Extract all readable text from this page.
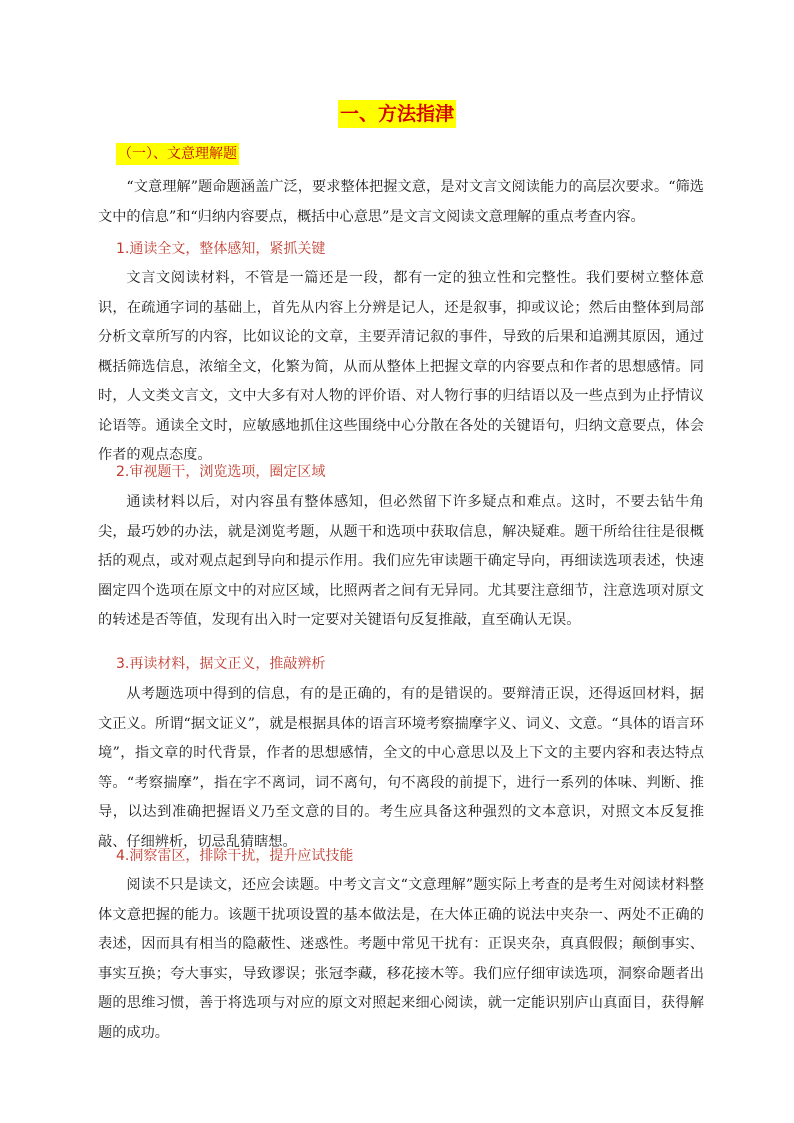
一、方法指津
（一）、文意理解题

“文意理解”题命题涵盖广泛，要求整体把握文意，是对文言文阅读能力的高层次要求。“筛选文中的信息”和“归纳内容要点，概括中心意思”是文言文阅读文意理解的重点考查内容。

1.通读全文，整体感知，紧抓关键

文言文阅读材料，不管是一篇还是一段，都有一定的独立性和完整性。我们要树立整体意识，在疏通字词的基础上，首先从内容上分辨是记人，还是叙事，抑或议论；然后由整体到局部分析文章所写的内容，比如议论的文章，主要弄清记叙的事件，导致的后果和追溯其原因，通过概括筛选信息，浓缩全文，化繁为简，从而从整体上把握文章的内容要点和作者的思想感情。同时，人文类文言文，文中大多有对人物的评价语、对人物行事的归结语以及一些点到为止抒情议论语等。通读全文时，应敏感地抓住这些围绕中心分散在各处的关键语句，归纳文意要点，体会作者的观点态度。

2.审视题干，浏览选项，圈定区域

通读材料以后，对内容虽有整体感知，但必然留下许多疑点和难点。这时，不要去钻牛角尖，最巧妙的办法，就是浏览考题，从题干和选项中获取信息，解决疑难。题干所给往往是很概括的观点，或对观点起到导向和提示作用。我们应先审读题干确定导向，再细读选项表述，快速圈定四个选项在原文中的对应区域，比照两者之间有无异同。尤其要注意细节，注意选项对原文的转述是否等值，发现有出入时一定要对关键语句反复推敲，直至确认无误。

3.再读材料，据文正义，推敲辨析

从考题选项中得到的信息，有的是正确的，有的是错误的。要辩清正误，还得返回材料，据文正义。所谓“据文证义”，就是根据具体的语言环境考察揣摩字义、词义、文意。“具体的语言环境”，指文章的时代背景，作者的思想感情，全文的中心意思以及上下文的主要内容和表达特点等。“考察揣摩”，指在字不离词，词不离句，句不离段的前提下，进行一系列的体味、判断、推导，以达到准确把握语义乃至文意的目的。考生应具备这种强烈的文本意识，对照文本反复推敲、仔细辨析，切忌乱猜瞎想。

4.洞察雷区，排除干扰，提升应试技能

阅读不只是读文，还应会读题。中考文言文“文意理解”题实际上考查的是考生对阅读材料整体文意把握的能力。该题干扰项设置的基本做法是，在大体正确的说法中夹杂一、两处不正确的表述，因而具有相当的隐蔽性、迷惑性。考题中常见干扰有：正误夹杂，真真假假；颠倒事实、事实互换；夸大事实，导致谬误；张冠李藏，移花接木等。我们应仔细审读选项，洞察命题者出题的思维习惯，善于将选项与对应的原文对照起来细心阅读，就一定能识别庐山真面目，获得解题的成功。
